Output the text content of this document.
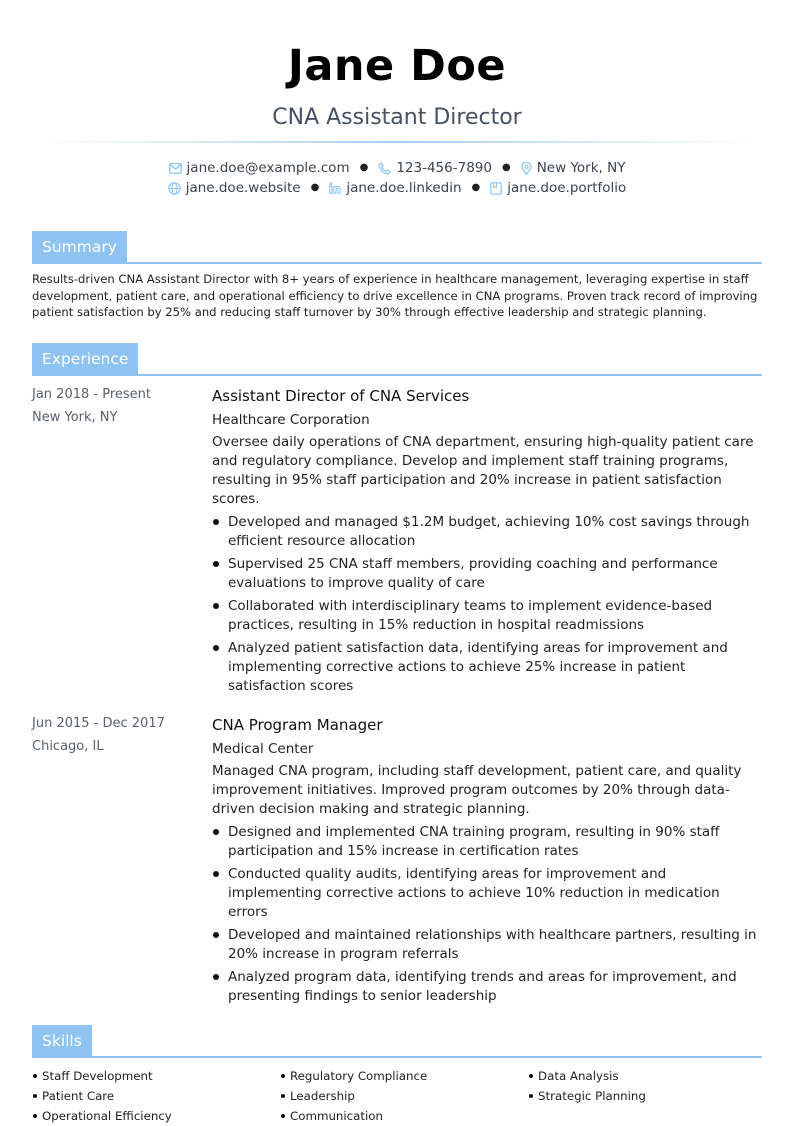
Jane Doe
CNA Assistant Director
jane.doe@example.com ● 123-456-7890 ● New York, NY
jane.doe.website ● jane.doe.linkedin ● jane.doe.portfolio
Summary
Results-driven CNA Assistant Director with 8+ years of experience in healthcare management, leveraging expertise in staff development, patient care, and operational efficiency to drive excellence in CNA programs. Proven track record of improving patient satisfaction by 25% and reducing staff turnover by 30% through effective leadership and strategic planning.
Experience
Jan 2018 - Present
New York, NY
Assistant Director of CNA Services
Healthcare Corporation
Oversee daily operations of CNA department, ensuring high-quality patient care and regulatory compliance. Develop and implement staff training programs, resulting in 95% staff participation and 20% increase in patient satisfaction scores.
Developed and managed $1.2M budget, achieving 10% cost savings through efficient resource allocation
Supervised 25 CNA staff members, providing coaching and performance evaluations to improve quality of care
Collaborated with interdisciplinary teams to implement evidence-based practices, resulting in 15% reduction in hospital readmissions
Analyzed patient satisfaction data, identifying areas for improvement and implementing corrective actions to achieve 25% increase in patient satisfaction scores
Jun 2015 - Dec 2017
Chicago, IL
CNA Program Manager
Medical Center
Managed CNA program, including staff development, patient care, and quality improvement initiatives. Improved program outcomes by 20% through data-driven decision making and strategic planning.
Designed and implemented CNA training program, resulting in 90% staff participation and 15% increase in certification rates
Conducted quality audits, identifying areas for improvement and implementing corrective actions to achieve 10% reduction in medication errors
Developed and maintained relationships with healthcare partners, resulting in 20% increase in program referrals
Analyzed program data, identifying trends and areas for improvement, and presenting findings to senior leadership
Skills
Staff Development	Regulatory Compliance	Data Analysis
Patient Care	Leadership	Strategic Planning
Operational Efficiency	Communication
